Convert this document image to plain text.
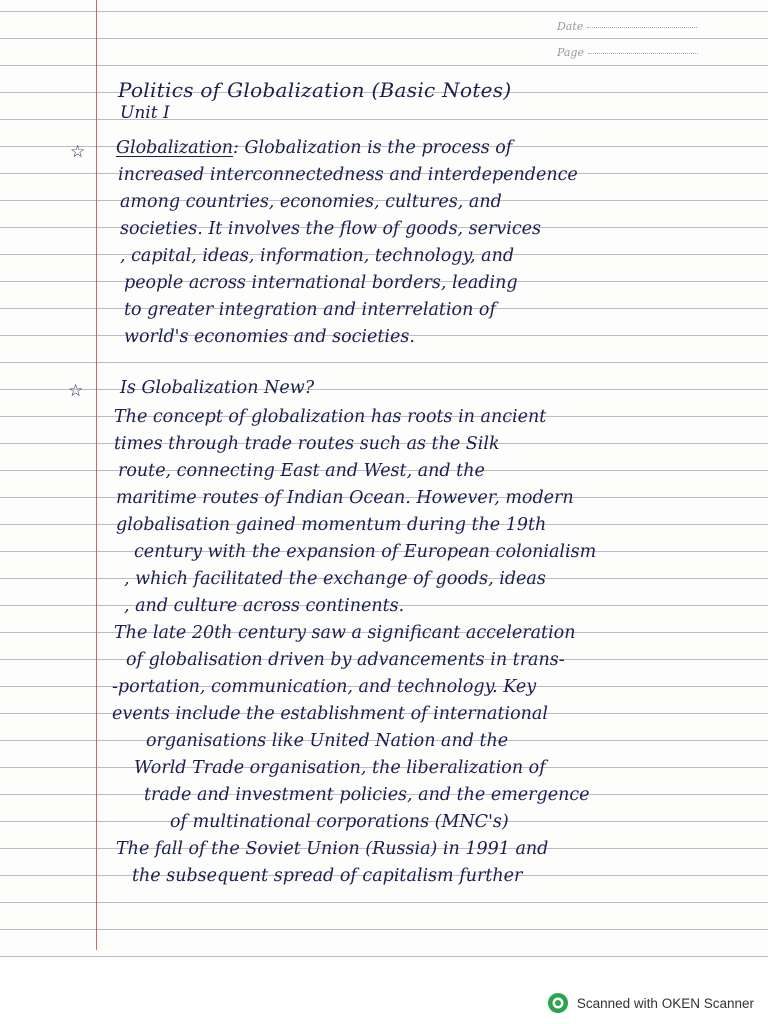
Date
Page
Politics of Globalization (Basic Notes)
Unit I
☆ Globalization: Globalization is the process of
increased interconnectedness and interdependence
among countries, economies, cultures, and
societies. It involves the flow of goods, services
, capital, ideas, information, technology, and
people across international borders, leading
to greater integration and interrelation of
world's economies and societies.
☆ Is Globalization New?
The concept of globalization has roots in ancient
times through trade routes such as the Silk
route, connecting East and West, and the
maritime routes of Indian Ocean. However, modern
globalisation gained momentum during the 19th
century with the expansion of European colonialism
, which facilitated the exchange of goods, ideas
, and culture across continents.
The late 20th century saw a significant acceleration
of globalisation driven by advancements in trans-
-portation, communication, and technology. Key
events include the establishment of international
organisations like United Nation and the
World Trade organisation, the liberalization of
trade and investment policies, and the emergence
of multinational corporations (MNC's)
The fall of the Soviet Union (Russia) in 1991 and
the subsequent spread of capitalism further
Scanned with OKEN Scanner
